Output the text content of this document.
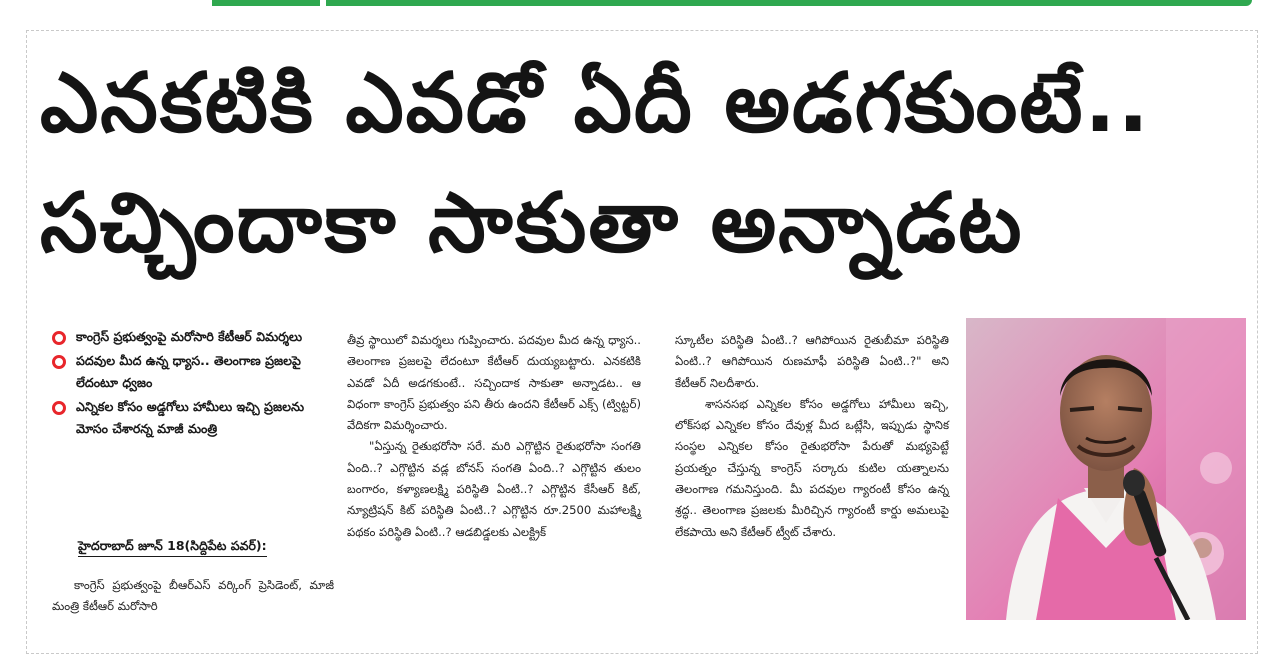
ఎనకటికి ఎవడో ఏదీ అడగకుంటే..
సచ్చిందాకా సాకుతా అన్నాడట
కాంగ్రెస్ ప్రభుత్వంపై మరోసారి కేటీఆర్ విమర్శలు
పదవుల మీద ఉన్న ధ్యాస.. తెలంగాణ ప్రజలపై లేదంటూ ధ్వజం
ఎన్నికల కోసం అడ్డగోలు హామీలు ఇచ్చి ప్రజలను మోసం చేశారన్న మాజీ మంత్రి
హైదరాబాద్ జూన్ 18(సిద్దిపేట పవర్):
కాంగ్రెస్ ప్రభుత్వంపై బీఆర్ఎస్ వర్కింగ్ ప్రెసిడెంట్, మాజీ మంత్రి కేటీఆర్ మరోసారి

తీవ్ర స్థాయిలో విమర్శలు గుప్పించారు. పదవుల మీద ఉన్న ధ్యాస.. తెలంగాణ ప్రజలపై లేదంటూ కేటీఆర్ దుయ్యబట్టారు. ఎనకటికి ఎవడో ఏదీ అడగకుంటే.. సచ్చిందాక సాకుతా అన్నాడట.. ఆ విధంగా కాంగ్రెస్ ప్రభుత్వం పని తీరు ఉందని కేటీఆర్ ఎక్స్ (ట్విట్టర్) వేదికగా విమర్శించారు.

"ఏస్తున్న రైతుభరోసా సరే. మరి ఎగ్గొట్టిన రైతుభరోసా సంగతి ఏంది..? ఎగ్గొట్టిన వడ్ల బోనస్ సంగతి ఏంది..? ఎగ్గొట్టిన తులం బంగారం, కళ్యాణలక్ష్మి పరిస్థితి ఏంటి..? ఎగ్గొట్టిన కేసీఆర్ కిట్, న్యూట్రిషన్ కిట్ పరిస్థితి ఏంటి..? ఎగ్గొట్టిన రూ.2500 మహాలక్ష్మి పథకం పరిస్థితి ఏంటి..? ఆడబిడ్డలకు ఎలక్ట్రిక్

స్కూటీల పరిస్థితి ఏంటి..? ఆగిపోయిన రైతుబీమా పరిస్థితి ఏంటి..? ఆగిపోయిన రుణమాఫీ పరిస్థితి ఏంటి..?" అని కేటీఆర్ నిలదీశారు.

శాసనసభ ఎన్నికల కోసం అడ్డగోలు హామీలు ఇచ్చి, లోక్‌సభ ఎన్నికల కోసం దేవుళ్ల మీద ఒట్లేసి, ఇప్పుడు స్థానిక సంస్థల ఎన్నికల కోసం రైతుభరోసా పేరుతో మభ్యపెట్టే ప్రయత్నం చేస్తున్న కాంగ్రెస్ సర్కారు కుటిల యత్నాలను తెలంగాణ గమనిస్తుంది. మీ పదవుల గ్యారంటీ కోసం ఉన్న శ్రద్ధ.. తెలంగాణ ప్రజలకు మీరిచ్చిన గ్యారంటీ కార్డు అమలుపై లేకపాయె అని కేటీఆర్ ట్వీట్ చేశారు.
